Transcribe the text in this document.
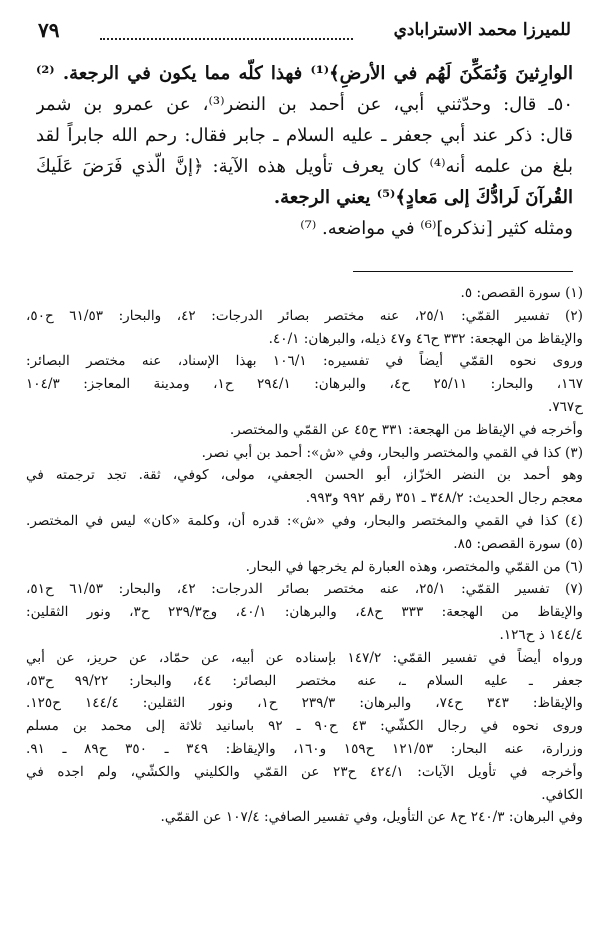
للميرزا محمد الاسترابادي
٧٩
الوارِثينَ وَنُمَكِّنَ لَهُم في الأرضِ﴾⁽¹⁾ فهذا كلّه مما يكون في الرجعة. ⁽²⁾
٥٠ـ قال: وحدّثني أبي، عن أحمد بن النضر⁽³⁾، عن عمرو بن شمر
قال: ذكر عند أبي جعفر ـ عليه السلام ـ جابر فقال: رحم الله جابراً لقد
بلغ من علمه أنه⁽⁴⁾ كان يعرف تأويل هذه الآية: ﴿إنَّ الّذي فَرَضَ عَلَيكَ
القُرآنَ لَرادُّكَ إلى مَعادٍ﴾⁽⁵⁾ يعني الرجعة.
ومثله كثير [نذكره]⁽⁶⁾ في مواضعه. ⁽⁷⁾
(١) سورة القصص: ٥.
(٢) تفسير القمّي: ٢٥/١، عنه مختصر بصائر الدرجات: ٤٢، والبحار: ٦١/٥٣ ح٥٠،
والإيقاظ من الهجعة: ٣٣٢ ح٤٦ و٤٧ ذيله، والبرهان: ٤٠/١.
وروى نحوه القمّي أيضاً في تفسيره: ١٠٦/١ بهذا الإسناد، عنه مختصر البصائر:
١٦٧، والبحار: ٢٥/١١ ح٤، والبرهان: ٢٩٤/١ ح١، ومدينة المعاجز: ١٠٤/٣
ح٧٦٧.
وأخرجه في الإيقاظ من الهجعة: ٣٣١ ح٤٥ عن القمّي والمختصر.
(٣) كذا في القمي والمختصر والبحار، وفي «ش»: أحمد بن أبي نصر.
وهو أحمد بن النضر الخزّاز، أبو الحسن الجعفي، مولى، كوفي، ثقة. تجد ترجمته في
معجم رجال الحديث: ٣٤٨/٢ ـ ٣٥١ رقم ٩٩٢ و٩٩٣.
(٤) كذا في القمي والمختصر والبحار، وفي «ش»: قدره أن، وكلمة «كان» ليس في المختصر.
(٥) سورة القصص: ٨٥.
(٦) من القمّي والمختصر، وهذه العبارة لم يخرجها في البحار.
(٧) تفسير القمّي: ٢٥/١، عنه مختصر بصائر الدرجات: ٤٢، والبحار: ٦١/٥٣ ح٥١،
والإيقاظ من الهجعة: ٣٣٣ ح٤٨، والبرهان: ٤٠/١، وج٢٣٩/٣ ح٣، ونور الثقلين:
١٤٤/٤ ذ ح١٢٦.
ورواه أيضاً في تفسير القمّي: ١٤٧/٢ بإسناده عن أبيه، عن حمّاد، عن حريز، عن أبي
جعفر ـ عليه السلام ـ، عنه مختصر البصائر: ٤٤، والبحار: ٩٩/٢٢ ح٥٣،
والإيقاظ: ٣٤٣ ح٧٤، والبرهان: ٢٣٩/٣ ح١، ونور الثقلين: ١٤٤/٤ ح١٢٥.
وروى نحوه في رجال الكشّي: ٤٣ ح٩٠ ـ ٩٢ باسانيد ثلاثة إلى محمد بن مسلم
وزرارة، عنه البحار: ١٢١/٥٣ ح١٥٩ و١٦٠، والإيقاظ: ٣٤٩ ـ ٣٥٠ ح٨٩ ـ ٩١.
وأخرجه في تأويل الآيات: ٤٢٤/١ ح٢٣ عن القمّي والكليني والكشّي، ولم اجده في
الكافي.
وفي البرهان: ٢٤٠/٣ ح٨ عن التأويل، وفي تفسير الصافي: ١٠٧/٤ عن القمّي.
